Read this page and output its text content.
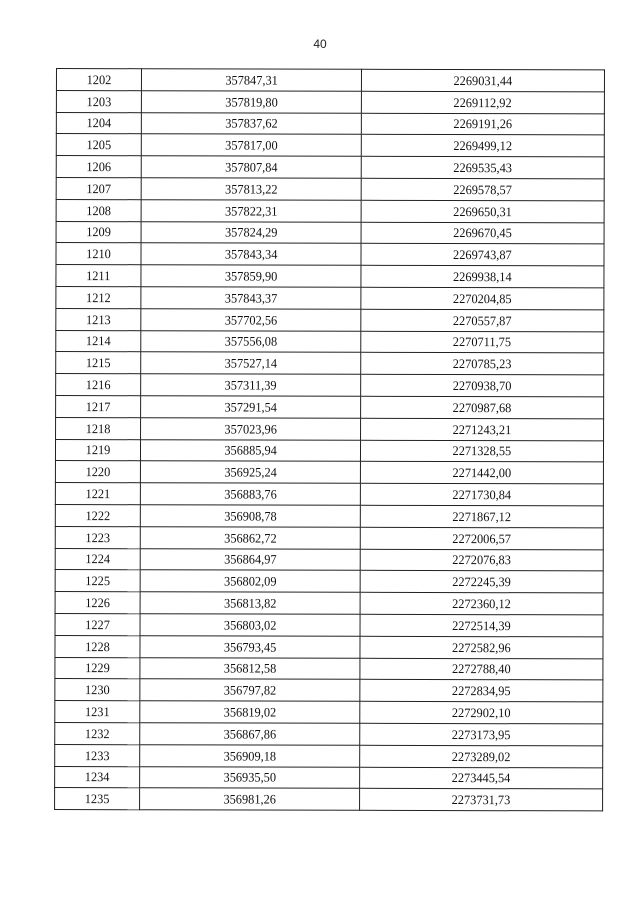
40
1202	357847,31	2269031,44
1203	357819,80	2269112,92
1204	357837,62	2269191,26
1205	357817,00	2269499,12
1206	357807,84	2269535,43
1207	357813,22	2269578,57
1208	357822,31	2269650,31
1209	357824,29	2269670,45
1210	357843,34	2269743,87
1211	357859,90	2269938,14
1212	357843,37	2270204,85
1213	357702,56	2270557,87
1214	357556,08	2270711,75
1215	357527,14	2270785,23
1216	357311,39	2270938,70
1217	357291,54	2270987,68
1218	357023,96	2271243,21
1219	356885,94	2271328,55
1220	356925,24	2271442,00
1221	356883,76	2271730,84
1222	356908,78	2271867,12
1223	356862,72	2272006,57
1224	356864,97	2272076,83
1225	356802,09	2272245,39
1226	356813,82	2272360,12
1227	356803,02	2272514,39
1228	356793,45	2272582,96
1229	356812,58	2272788,40
1230	356797,82	2272834,95
1231	356819,02	2272902,10
1232	356867,86	2273173,95
1233	356909,18	2273289,02
1234	356935,50	2273445,54
1235	356981,26	2273731,73
